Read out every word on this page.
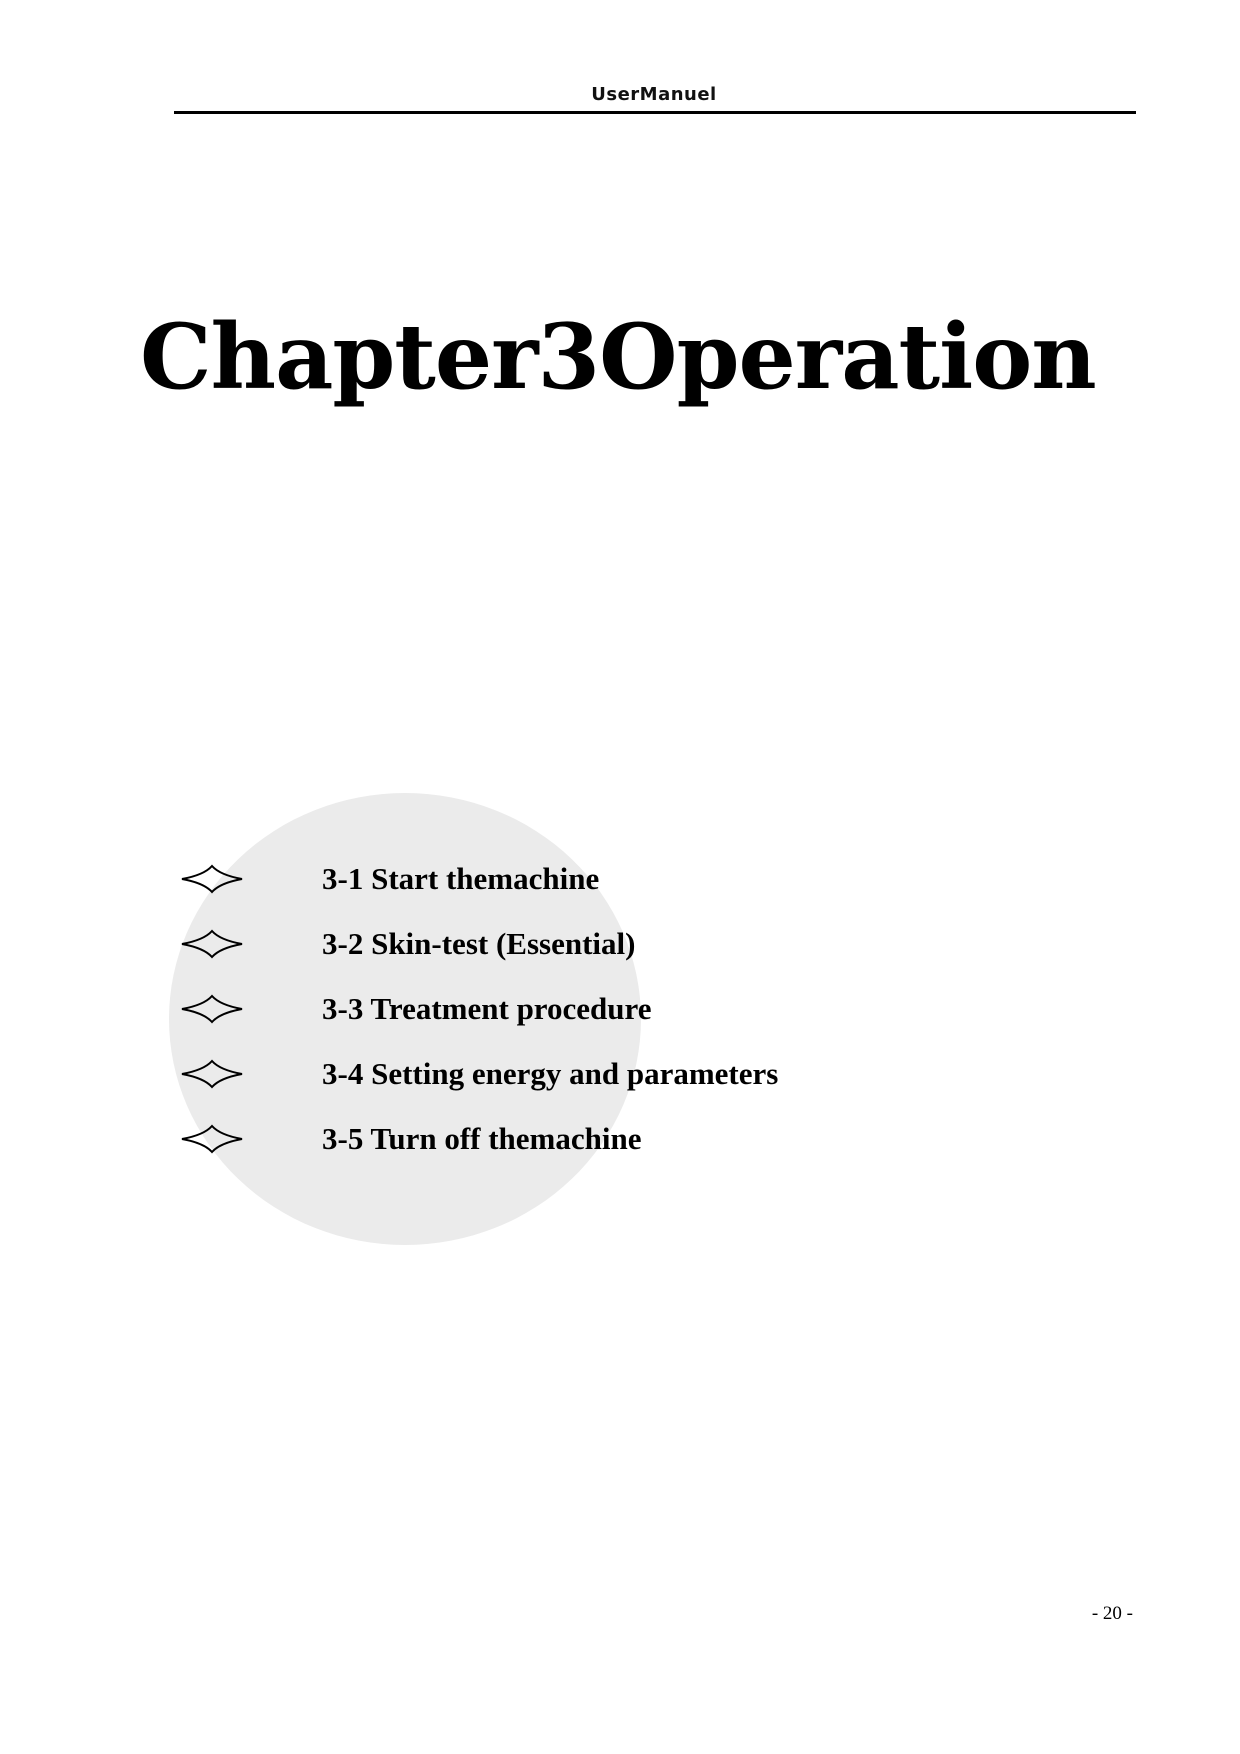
UserManuel
Chapter3Operation
3-1 Start themachine
3-2 Skin-test (Essential)
3-3 Treatment procedure
3-4 Setting energy and parameters
3-5 Turn off themachine
- 20 -
